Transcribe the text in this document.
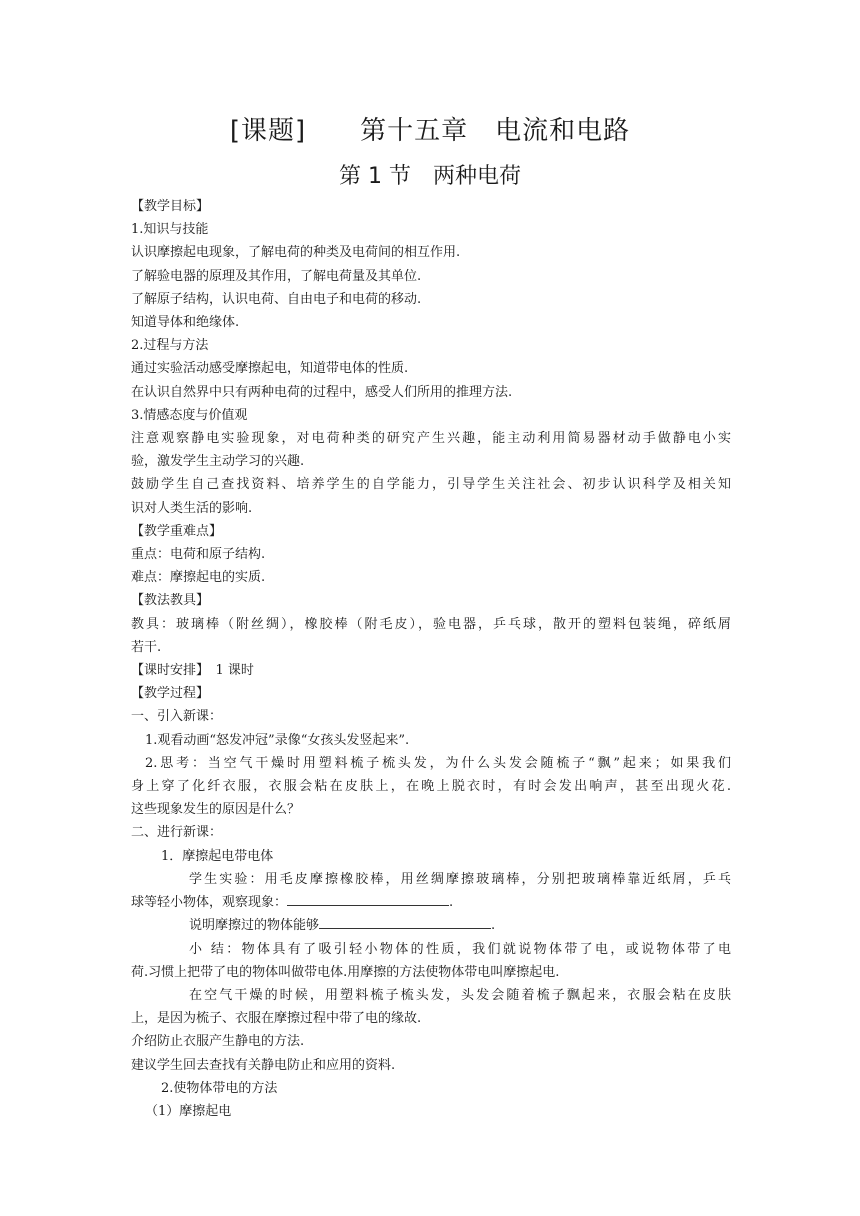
[课题]　　第十五章　电流和电路
第 1 节　两种电荷
【教学目标】
1.知识与技能
认识摩擦起电现象，了解电荷的种类及电荷间的相互作用.
了解验电器的原理及其作用，了解电荷量及其单位.
了解原子结构，认识电荷、自由电子和电荷的移动.
知道导体和绝缘体.
2.过程与方法
通过实验活动感受摩擦起电，知道带电体的性质.
在认识自然界中只有两种电荷的过程中，感受人们所用的推理方法.
3.情感态度与价值观
注意观察静电实验现象，对电荷种类的研究产生兴趣，能主动利用简易器材动手做静电小实
验，激发学生主动学习的兴趣.
鼓励学生自己查找资料、培养学生的自学能力，引导学生关注社会、初步认识科学及相关知
识对人类生活的影响.
【教学重难点】
重点：电荷和原子结构.
难点：摩擦起电的实质.
【教法教具】
教具：玻璃棒（附丝绸），橡胶棒（附毛皮），验电器，乒乓球，散开的塑料包装绳，碎纸屑
若干.
【课时安排】　1 课时
【教学过程】
一、引入新课：
1.观看动画“怒发冲冠”录像“女孩头发竖起来”.
2.思考：当空气干燥时用塑料梳子梳头发，为什么头发会随梳子“飘”起来；如果我们
身上穿了化纤衣服，衣服会粘在皮肤上，在晚上脱衣时，有时会发出响声，甚至出现火花.
这些现象发生的原因是什么？
二、进行新课：
1．摩擦起电带电体
学生实验：用毛皮摩擦橡胶棒，用丝绸摩擦玻璃棒，分别把玻璃棒靠近纸屑，乒乓
球等轻小物体，观察现象：	.
说明摩擦过的物体能够	.
小 结：物体具有了吸引轻小物体的性质，我们就说物体带了电，或说物体带了电
荷.习惯上把带了电的物体叫做带电体.用摩擦的方法使物体带电叫摩擦起电.
在空气干燥的时候，用塑料梳子梳头发，头发会随着梳子飘起来，衣服会粘在皮肤
上，是因为梳子、衣服在摩擦过程中带了电的缘故.
介绍防止衣服产生静电的方法.
建议学生回去查找有关静电防止和应用的资料.
2.使物体带电的方法
（1）摩擦起电
